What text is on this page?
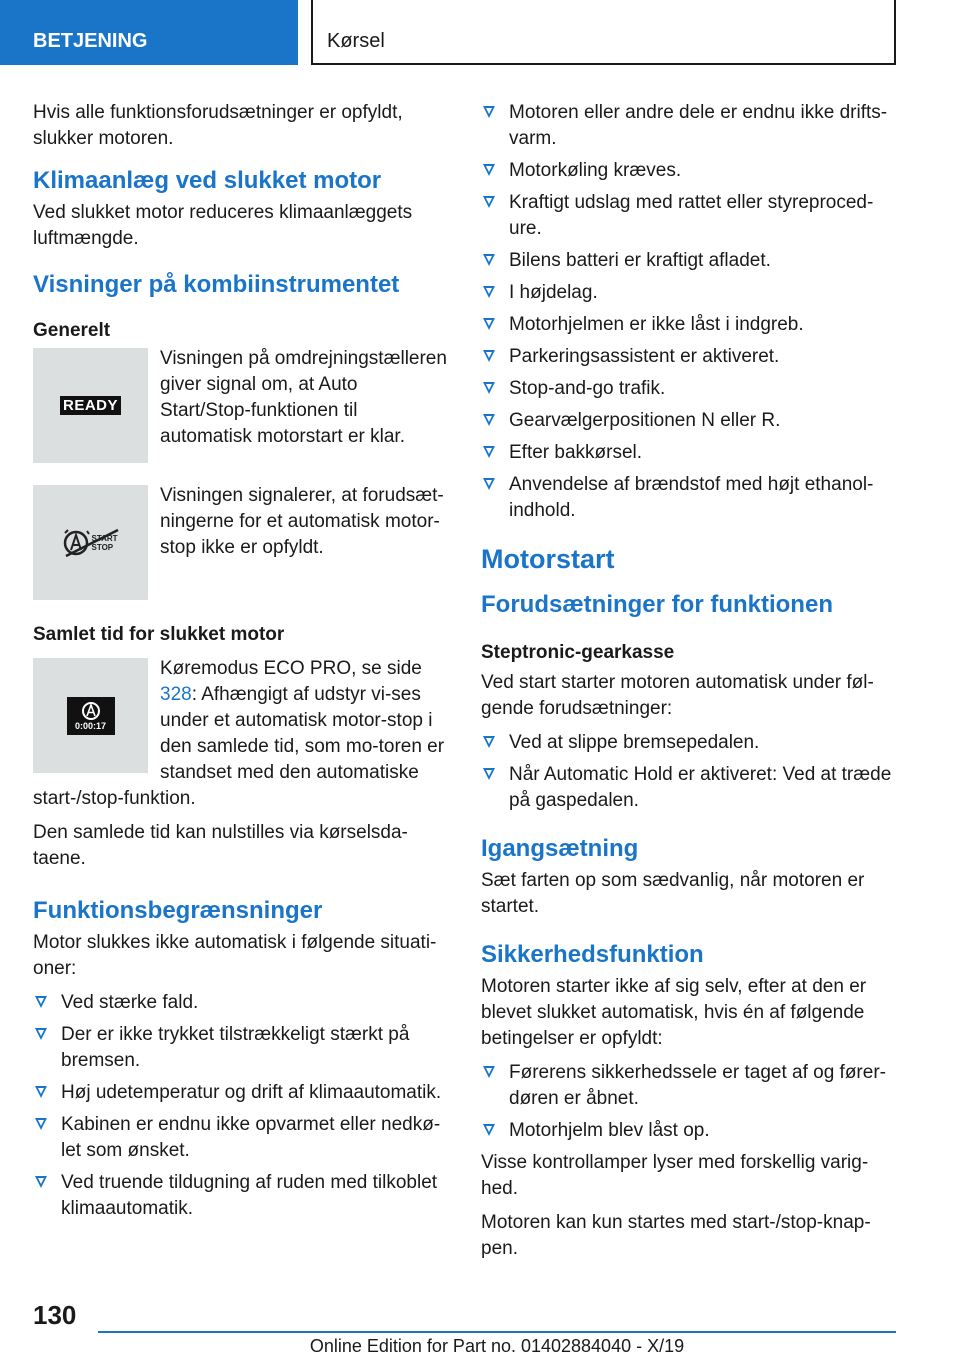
BETJENING	Kørsel

Hvis alle funktionsforudsætninger er opfyldt, slukker motoren.

Klimaanlæg ved slukket motor

Ved slukket motor reduceres klimaanlæggets luftmængde.

Visninger på kombiinstrumentet
Generelt
READY
Visningen på omdrejningstælleren giver signal om, at Auto Start/Stop-funktionen til automatisk motorstart er klar.
START STOP
Visningen signalerer, at forudsæt-ningerne for et automatisk motor-stop ikke er opfyldt.
Samlet tid for slukket motor
0:00:17

Køremodus ECO PRO, se side 328: Afhængigt af udstyr vi-ses under et automatisk motor-stop i den samlede tid, som mo-toren er standset med den automatiske start-/stop-funktion.

Den samlede tid kan nulstilles via kørselsda-taene.

Funktionsbegrænsninger

Motor slukkes ikke automatisk i følgende situati-oner:

Ved stærke fald.
Der er ikke trykket tilstrækkeligt stærkt på bremsen.
Høj udetemperatur og drift af klimaautomatik.
Kabinen er endnu ikke opvarmet eller nedkø-let som ønsket.
Ved truende tildugning af ruden med tilkoblet klimaautomatik.
Motoren eller andre dele er endnu ikke drifts-varm.
Motorkøling kræves.
Kraftigt udslag med rattet eller styreproced-ure.
Bilens batteri er kraftigt afladet.
I højdelag.
Motorhjelmen er ikke låst i indgreb.
Parkeringsassistent er aktiveret.
Stop-and-go trafik.
Gearvælgerpositionen N eller R.
Efter bakkørsel.
Anvendelse af brændstof med højt ethanol-indhold.
Motorstart
Forudsætninger for funktionen
Steptronic-gearkasse

Ved start starter motoren automatisk under føl-gende forudsætninger:

Ved at slippe bremsepedalen.
Når Automatic Hold er aktiveret: Ved at træde på gaspedalen.
Igangsætning

Sæt farten op som sædvanlig, når motoren er startet.

Sikkerhedsfunktion

Motoren starter ikke af sig selv, efter at den er blevet slukket automatisk, hvis én af følgende betingelser er opfyldt:

Førerens sikkerhedssele er taget af og fører-døren er åbnet.
Motorhjelm blev låst op.

Visse kontrollamper lyser med forskellig varig-hed.

Motoren kan kun startes med start-/stop-knap-pen.

130
Online Edition for Part no. 01402884040 - X/19
